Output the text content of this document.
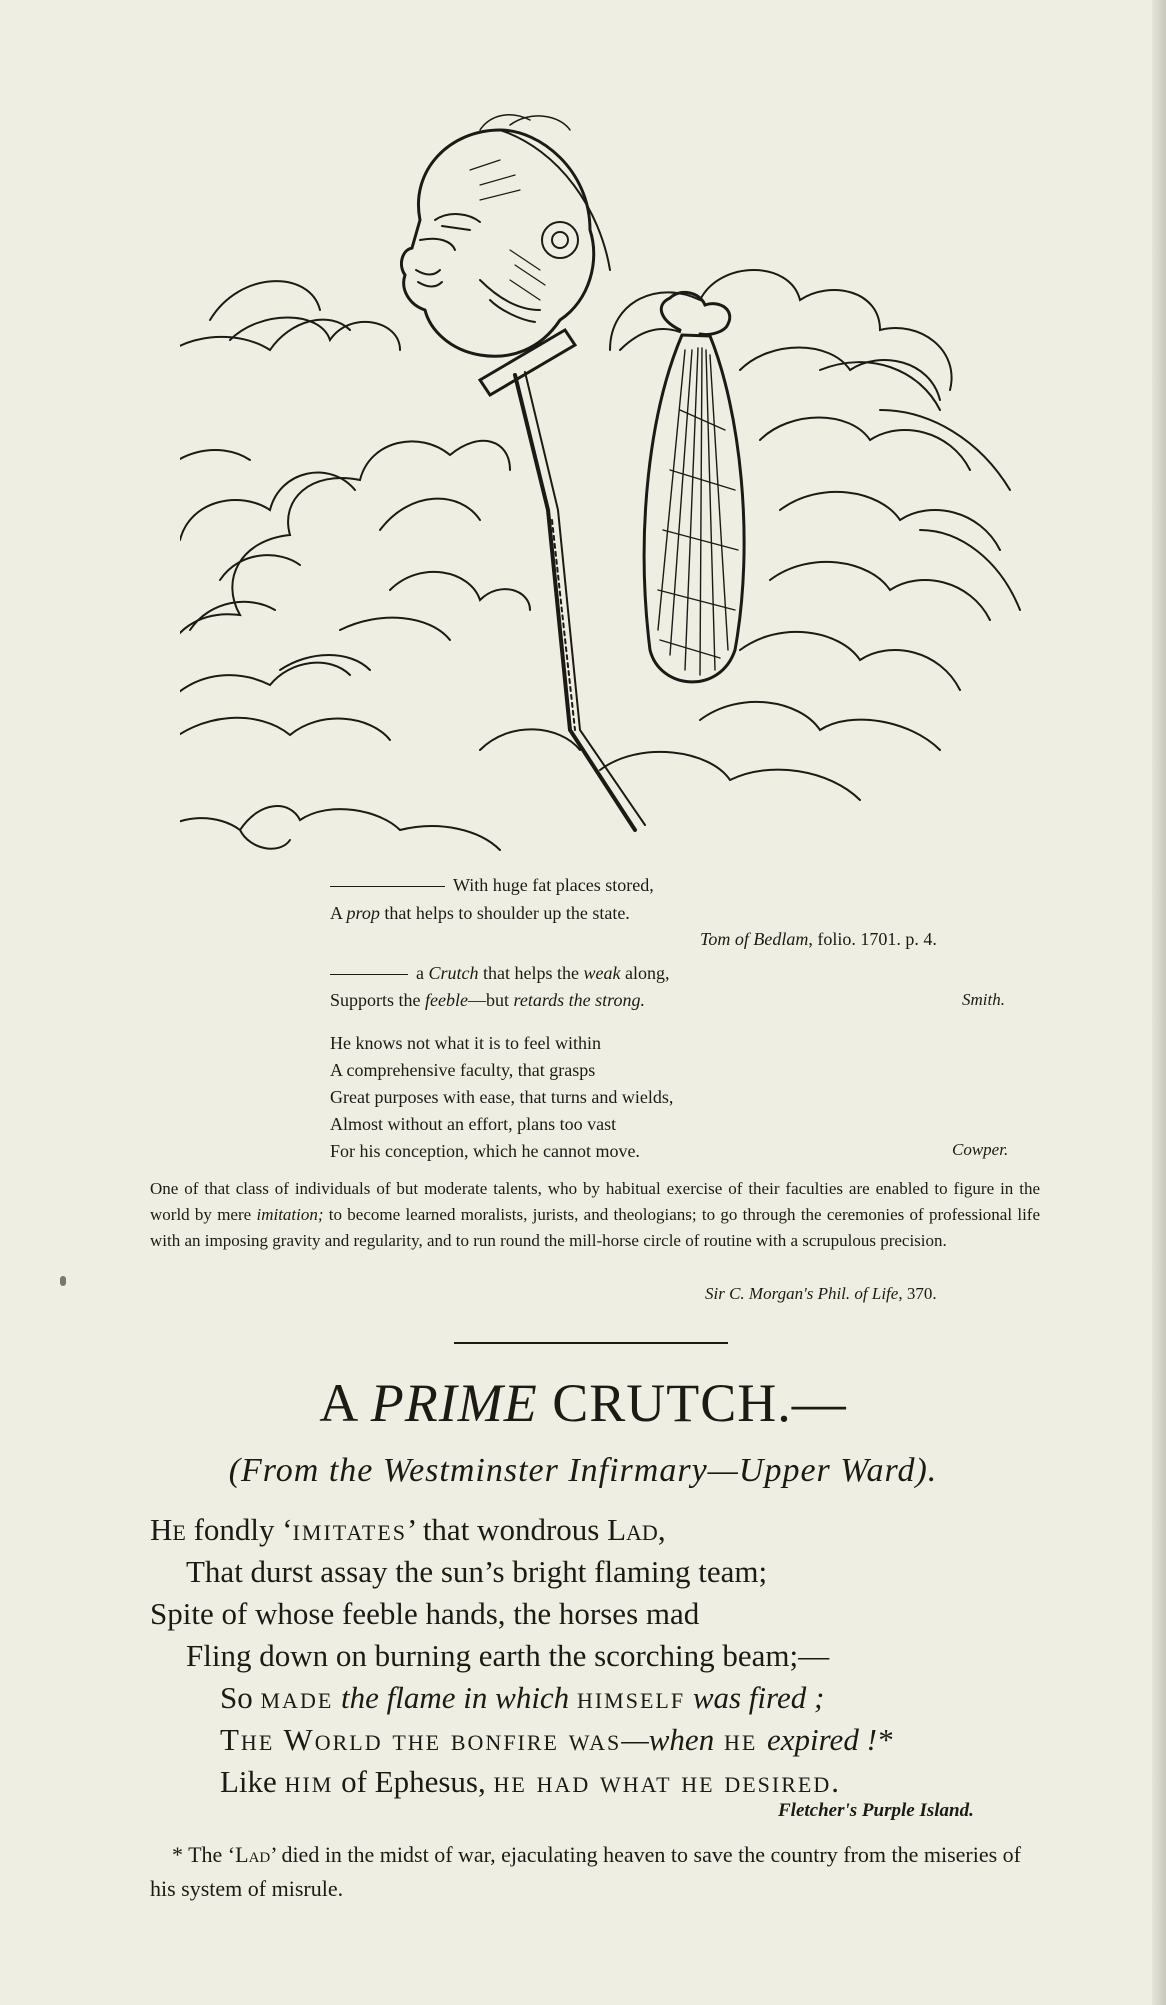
With huge fat places stored,
A prop that helps to shoulder up the state.
Tom of Bedlam, folio. 1701. p. 4.
a Crutch that helps the weak along,
Supports the feeble—but retards the strong.	Smith.
He knows not what it is to feel within
A comprehensive faculty, that grasps
Great purposes with ease, that turns and wields,
Almost without an effort, plans too vast
For his conception, which he cannot move.	Cowper.
One of that class of individuals of but moderate talents, who by habitual exercise of their faculties are enabled to figure in the world by mere imitation; to become learned moralists, jurists, and theologians; to go through the ceremonies of professional life with an imposing gravity and regularity, and to run round the mill-horse circle of routine with a scrupulous precision.
Sir C. Morgan's Phil. of Life, 370.
A PRIME CRUTCH.—
(From the Westminster Infirmary—Upper Ward).
He fondly ‘imitates’ that wondrous Lad,
That durst assay the sun’s bright flaming team;
Spite of whose feeble hands, the horses mad
Fling down on burning earth the scorching beam;—
So made the flame in which himself was fired ;
The World the bonfire was—when he expired !*
Like him of Ephesus, he had what he desired.
Fletcher's Purple Island.
* The ‘Lad’ died in the midst of war, ejaculating heaven to save the country from the miseries of his system of misrule.
